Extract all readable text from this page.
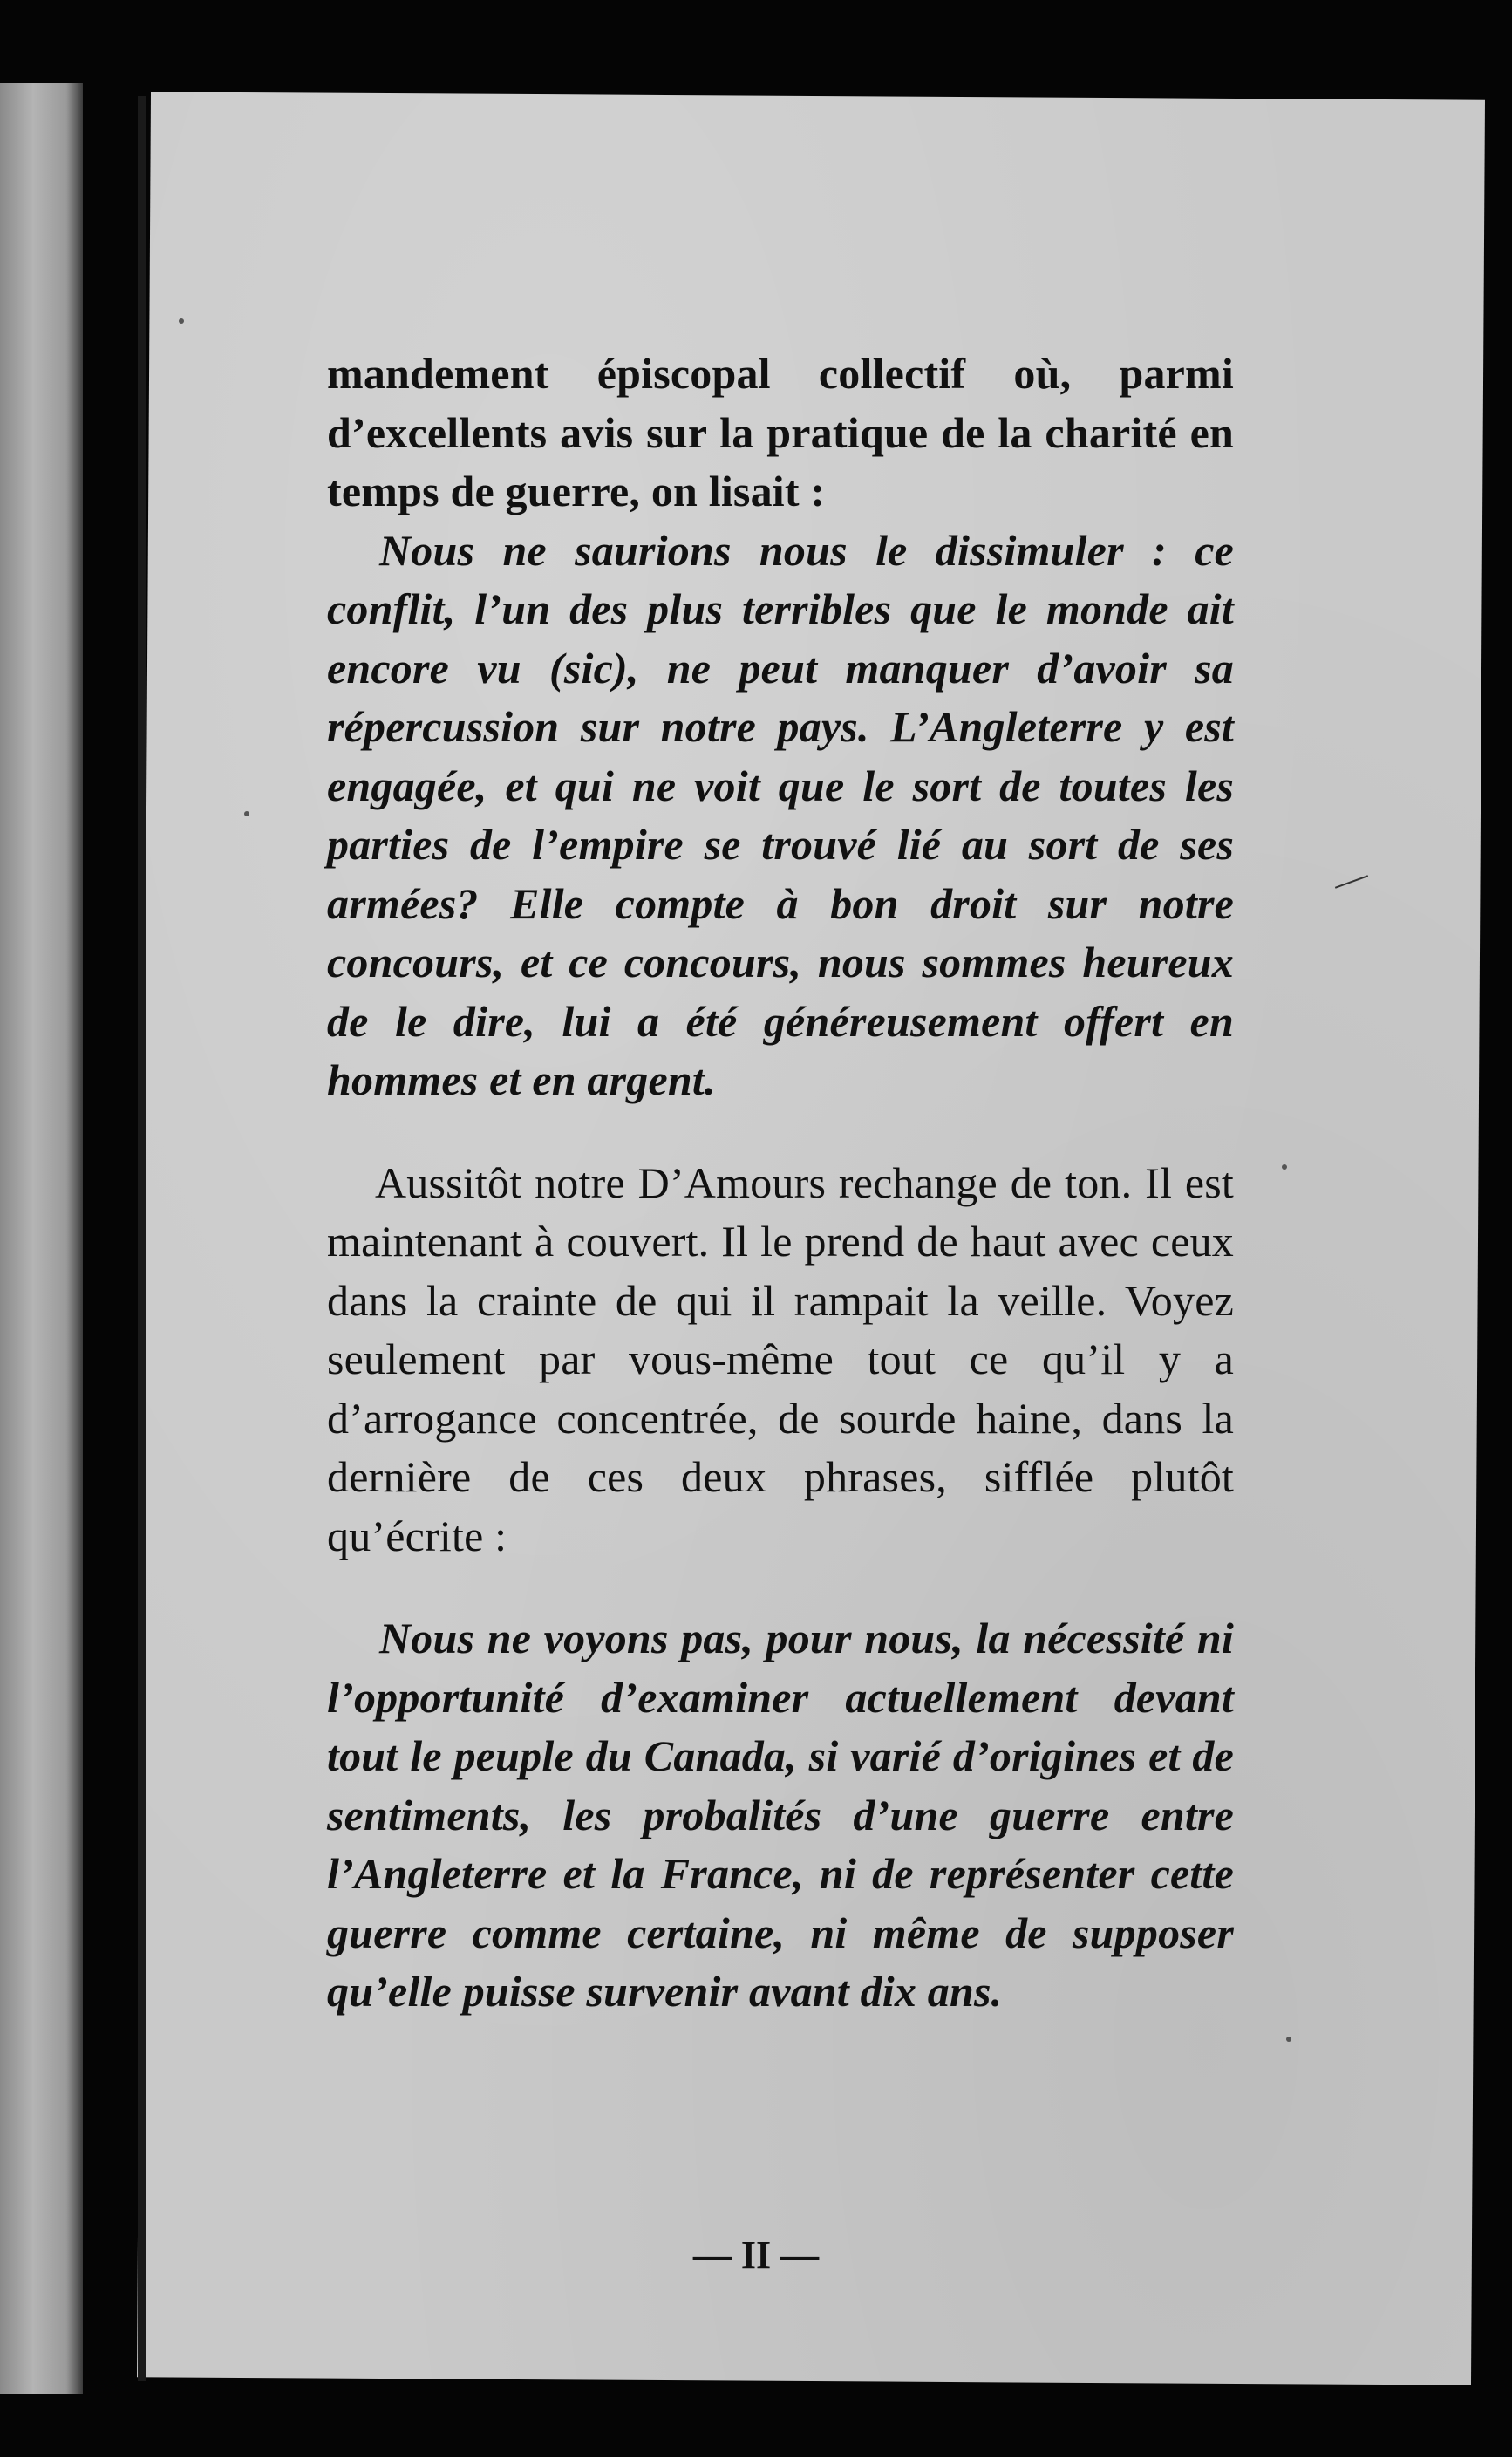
mandement épiscopal collectif où, parmi d’excellents avis sur la pratique de la charité en temps de guerre, on lisait :

Nous ne saurions nous le dissimuler : ce conflit, l’un des plus terribles que le monde ait encore vu (sic), ne peut manquer d’avoir sa répercussion sur notre pays. L’Angleterre y est engagée, et qui ne voit que le sort de toutes les parties de l’empire se trouvé lié au sort de ses armées? Elle compte à bon droit sur notre concours, et ce concours, nous sommes heureux de le dire, lui a été généreusement offert en hommes et en argent.

Aussitôt notre D’Amours rechange de ton. Il est maintenant à couvert. Il le prend de haut avec ceux dans la crainte de qui il rampait la veille. Voyez seulement par vous-même tout ce qu’il y a d’arrogance concentrée, de sourde haine, dans la dernière de ces deux phrases, sifflée plutôt qu’écrite :

Nous ne voyons pas, pour nous, la nécessité ni l’opportunité d’examiner actuellement devant tout le peuple du Canada, si varié d’origines et de sentiments, les probalités d’une guerre entre l’Angleterre et la France, ni de représenter cette guerre comme certaine, ni même de supposer qu’elle puisse survenir avant dix ans.

— II —
